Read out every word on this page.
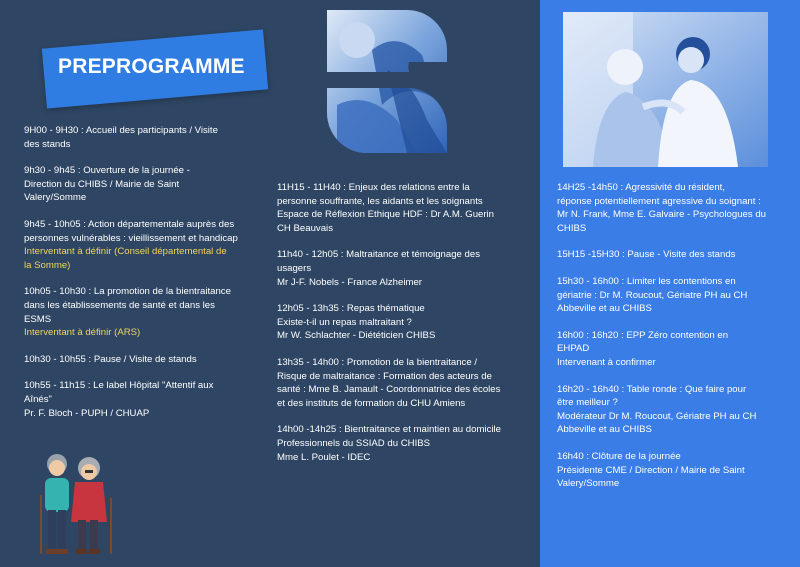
PREPROGRAMME
9H00 - 9H30 : Accueil des participants / Visite
des stands
9h30 - 9h45 : Ouverture de la journée -
Direction du CHIBS / Mairie de Saint
Valery/Somme
9h45 - 10h05 : Action départementale auprès des
personnes vulnérables : vieillissement et handicap
Interventant à définir (Conseil départemental de
la Somme)
10h05 - 10h30 : La promotion de la bientraitance
dans les établissements de santé et dans les
ESMS
Interventant à définir (ARS)
10h30 - 10h55 : Pause / Visite de stands
10h55 - 11h15 : Le label Hôpital "Attentif aux
Aînés"
Pr. F. Bloch - PUPH / CHUAP
11H15 - 11H40 : Enjeux des relations entre la
personne souffrante, les aidants et les soignants
Espace de Réflexion Ethique HDF : Dr A.M. Guerin
CH Beauvais
11h40 - 12h05 : Maltraitance et témoignage des
usagers
Mr J-F. Nobels - France Alzheimer
12h05 - 13h35 : Repas thématique
Existe-t-il un repas maltraitant ?
Mr W. Schlachter - Diététicien CHIBS
13h35 - 14h00 : Promotion de la bientraitance /
Risque de maltraitance : Formation des acteurs de
santé : Mme B. Jamault - Coordonnatrice des écoles
et des instituts de formation du CHU Amiens
14h00 -14h25 : Bientraitance et maintien au domicile
Professionnels du SSIAD du CHIBS
Mme L. Poulet - IDEC
14H25 -14h50 : Agressivité du résident,
réponse potentiellement agressive du soignant :
Mr N. Frank, Mme E. Galvaire - Psychologues du
CHIBS
15H15 -15H30 : Pause - Visite des stands
15h30 - 16h00 : Limiter les contentions en
gériatrie : Dr M. Roucout, Gériatre PH au CH
Abbeville et au CHIBS
16h00 : 16h20 : EPP Zéro contention en
EHPAD
Intervenant à confirmer
16h20 - 16h40 : Table ronde : Que faire pour
être meilleur ?
Modérateur Dr M. Roucout, Gériatre PH au CH
Abbeville et au CHIBS
16h40 : Clôture de la journée
Présidente CME / Direction / Mairie de Saint
Valery/Somme
